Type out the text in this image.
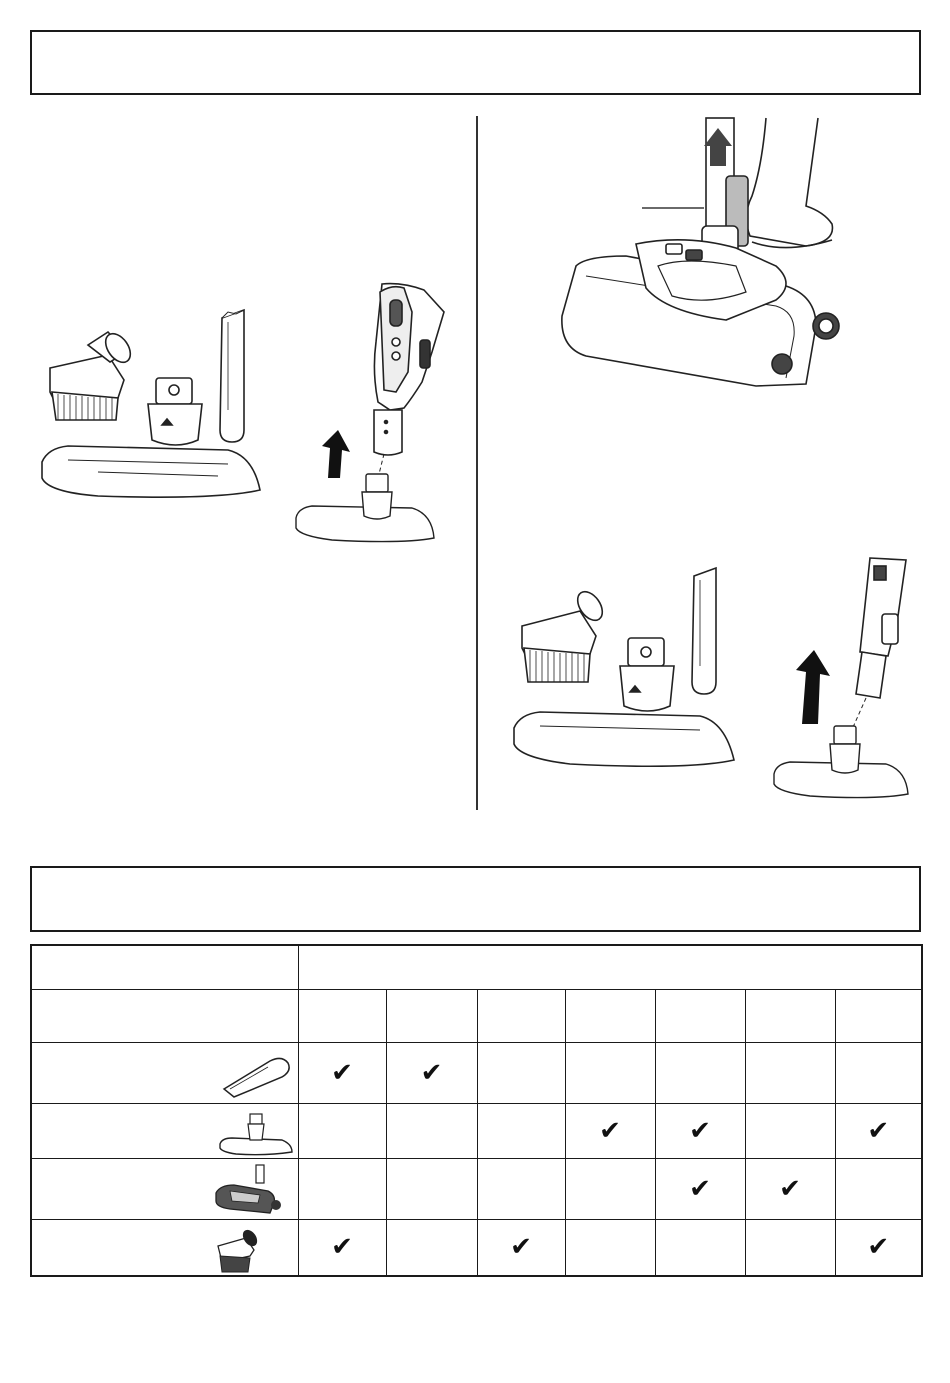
	✔	✔					

				✔	✔		✔

					✔	✔	

	✔		✔				✔
